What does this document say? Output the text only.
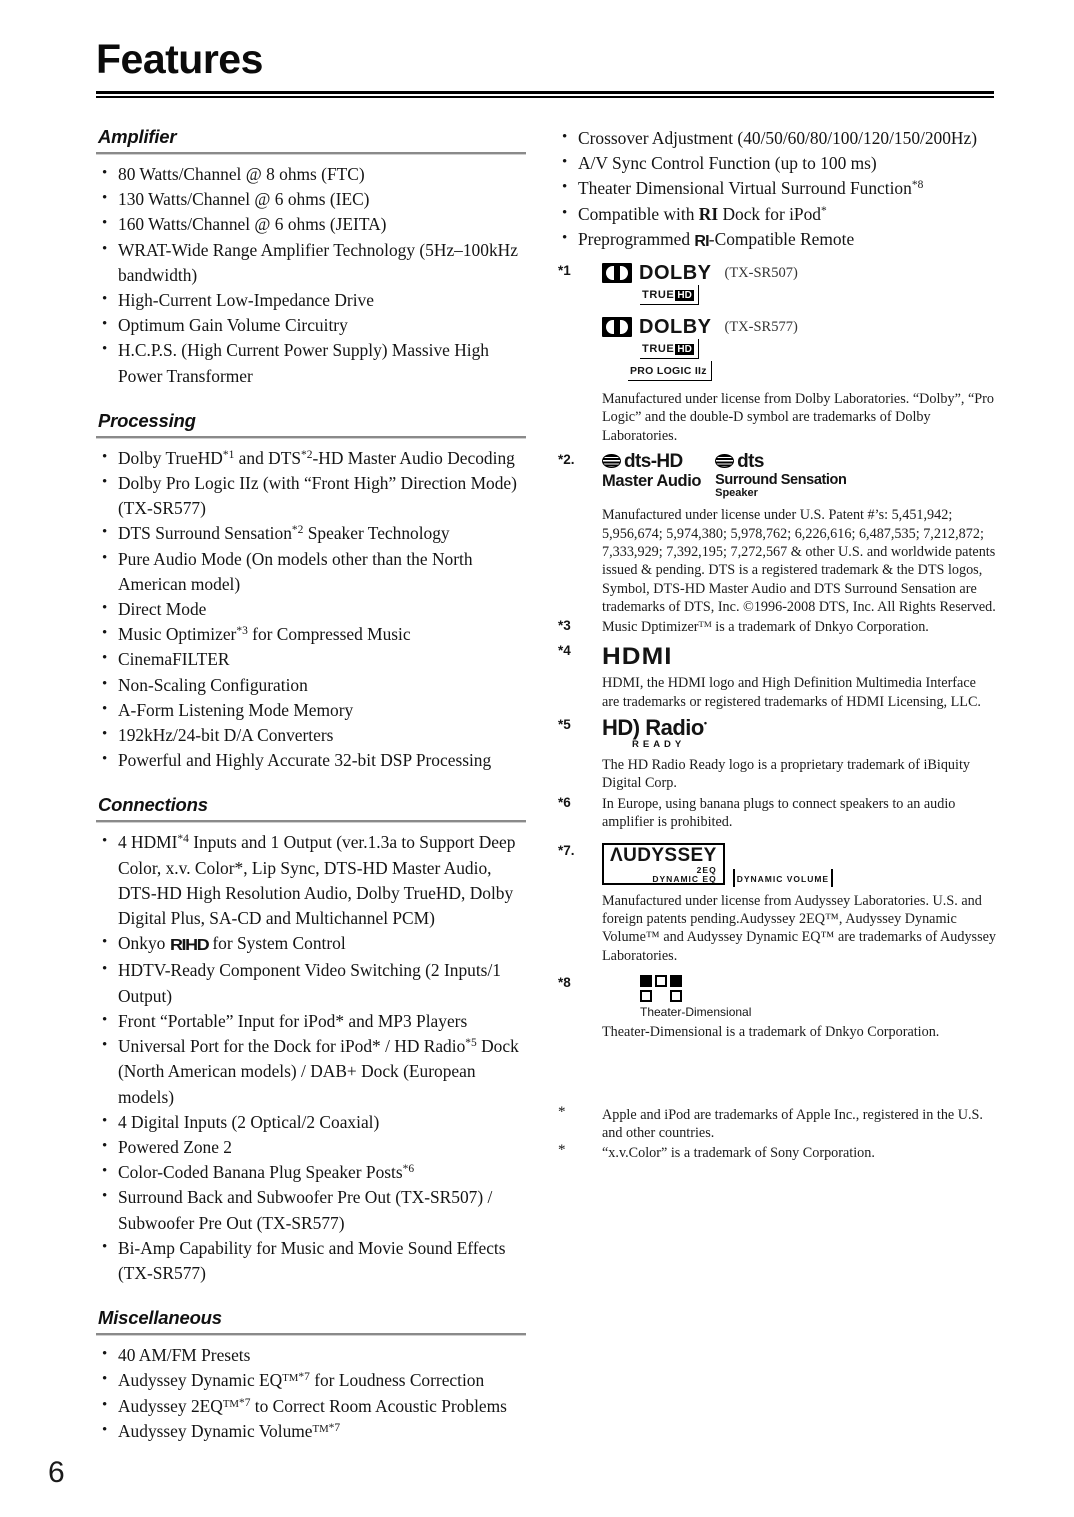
Features
Amplifier
• 80 Watts/Channel @ 8 ohms (FTC)
• 130 Watts/Channel @ 6 ohms (IEC)
• 160 Watts/Channel @ 6 ohms (JEITA)
• WRAT-Wide Range Amplifier Technology (5Hz–100kHz bandwidth)
• High-Current Low-Impedance Drive
• Optimum Gain Volume Circuitry
• H.C.P.S. (High Current Power Supply) Massive High Power Transformer
Processing
• Dolby TrueHD$^{*1}$ and DTS$^{*2}$-HD Master Audio Decoding
• Dolby Pro Logic IIz (with “Front High” Direction Mode) (TX-SR577)
• DTS Surround Sensation$^{*2}$ Speaker Technology
• Pure Audio Mode (On models other than the North American model)
• Direct Mode
• Music Optimizer$^{*3}$ for Compressed Music
• CinemaFILTER
• Non-Scaling Configuration
• A-Form Listening Mode Memory
• 192kHz/24-bit D/A Converters
• Powerful and Highly Accurate 32-bit DSP Processing
Connections
• 4 HDMI$^{*4}$ Inputs and 1 Output (ver.1.3a to Support Deep Color, x.v. Color*, Lip Sync, DTS-HD Master Audio, DTS-HD High Resolution Audio, Dolby TrueHD, Dolby Digital Plus, SA-CD and Multichannel PCM)
• Onkyo RIHD for System Control
• HDTV-Ready Component Video Switching (2 Inputs/1 Output)
• Front “Portable” Input for iPod* and MP3 Players
• Universal Port for the Dock for iPod* / HD Radio$^{*5}$ Dock (North American models) / DAB+ Dock (European models)
• 4 Digital Inputs (2 Optical/2 Coaxial)
• Powered Zone 2
• Color-Coded Banana Plug Speaker Posts$^{*6}$
• Surround Back and Subwoofer Pre Out (TX-SR507) / Subwoofer Pre Out (TX-SR577)
• Bi-Amp Capability for Music and Movie Sound Effects (TX-SR577)
Miscellaneous
• 40 AM/FM Presets
• Audyssey Dynamic $EQ^{TM*7}$ for Loudness Correction
• Audyssey $2EQ^{TM*7}$ to Correct Room Acoustic Problems
• Audyssey Dynamic Volume$^{TM*7}$
• Crossover Adjustment (40/50/60/80/100/120/150/200Hz)
• A/V Sync Control Function (up to 100 ms)
• Theater Dimensional Virtual Surround Function$^{*8}$
• Compatible with RI Dock for iPod*
• Preprogrammed RI-Compatible Remote
*1	DOLBY (TX-SR507)
TRUE HD

DOLBY (TX-SR577)
TRUE HD
PRO LOGIC IIz
Manufactured under license from Dolby Laboratories. “Dolby”, “Pro Logic” and the double-D symbol are trademarks of Dolby Laboratories.
*2.	dts-HD
Master Audio
dts
Surround Sensation
Speaker
Manufactured under license under U.S. Patent #’s: 5,451,942; 5,956,674; 5,974,380; 5,978,762; 6,226,616; 6,487,535; 7,212,872; 7,333,929; 7,392,195; 7,272,567 & other U.S. and worldwide patents issued & pending. DTS is a registered trademark & the DTS logos, Symbol, DTS-HD Master Audio and DTS Surround Sensation are trademarks of DTS, Inc. ©1996-2008 DTS, Inc. All Rights Reserved.
*3 Music Dptimizer™ is a trademark of Dnkyo Corporation.
*4 HDMI
HDMI, the HDMI logo and High Definition Multimedia Interface are trademarks or registered trademarks of HDMI Licensing, LLC.
*5 HD) Radio•
READY
The HD Radio Ready logo is a proprietary trademark of iBiquity Digital Corp.
*6 In Europe, using banana plugs to connect speakers to an audio amplifier is prohibited.
*7. ΛUDYSSEY
2EQ
DYNAMIC EQ DYNAMIC VOLUME
Manufactured under license from Audyssey Laboratories. U.S. and foreign patents pending.Audyssey 2EQ™, Audyssey Dynamic Volume™ and Audyssey Dynamic EQ™ are trademarks of Audyssey Laboratories.
*8
Theater-Dimensional
Theater-Dimensional is a trademark of Dnkyo Corporation.
*	Apple and iPod are trademarks of Apple Inc., registered in the U.S. and other countries.
*	“x.v.Color” is a trademark of Sony Corporation.
6
